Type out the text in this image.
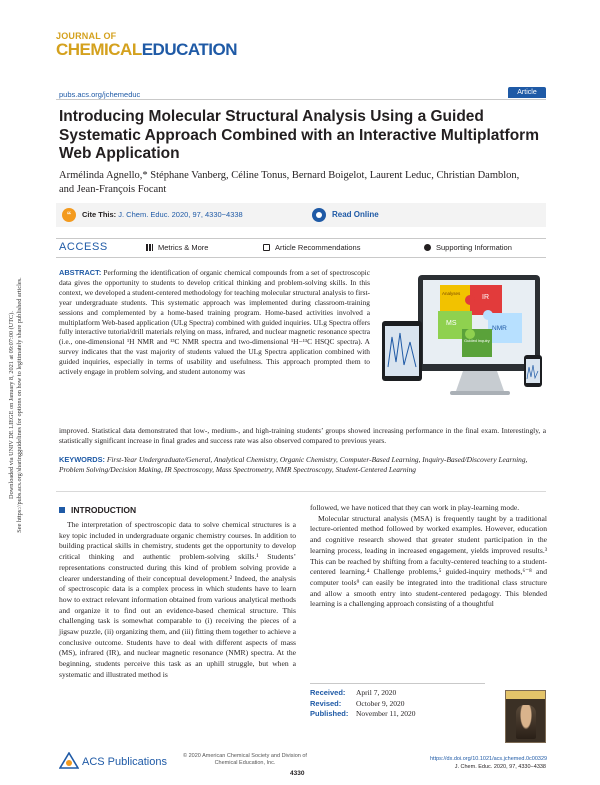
Downloaded via UNIV DE LIEGE on January 8, 2021 at 09:07:00 (UTC). See https://pubs.acs.org/sharingguidelines for options on how to legitimately share published articles.
JOURNAL OF
CHEMICALEDUCATION
pubs.acs.org/jchemeduc	Article
Introducing Molecular Structural Analysis Using a Guided Systematic Approach Combined with an Interactive Multiplatform Web Application
Armélinda Agnello,* Stéphane Vanberg, Céline Tonus, Bernard Boigelot, Laurent Leduc, Christian Damblon, and Jean-François Focant
“	Cite This: J. Chem. Educ. 2020, 97, 4330−4338	Read Online
ACCESS	Metrics & More	Article Recommendations	Supporting Information
ABSTRACT: Performing the identification of organic chemical compounds from a set of spectroscopic data gives the opportunity to students to develop critical thinking and problem-solving skills. In this context, we developed a student-centered methodology for teaching molecular structural analysis to first-year undergraduate students. This systematic approach was implemented during classroom-training sessions and complemented by a home-based training program. Home-based activities involved a multiplatform Web-based application (ULg Spectra) combined with guided inquiries. ULg Spectra offers fully interactive tutorial/drill materials relying on mass, infrared, and nuclear magnetic resonance spectra (i.e., one-dimensional ¹H NMR and ¹³C NMR spectra and two-dimensional ¹H−¹³C HSQC spectra). A survey indicates that the vast majority of students valued the ULg Spectra application combined with guided inquiries, especially in terms of usability and usefulness. This approach prompted them to actively engage in problem solving, and student autonomy was
improved. Statistical data demonstrated that low-, medium-, and high-training students’ groups showed increasing performance in the final exam. Interestingly, a statistically significant increase in final grades and success rate was also observed compared to previous years.
IR
MS
NMR
Guided inquiry
Analyses
KEYWORDS: First-Year Undergraduate/General, Analytical Chemistry, Organic Chemistry, Computer-Based Learning, Inquiry-Based/Discovery Learning, Problem Solving/Decision Making, IR Spectroscopy, Mass Spectrometry, NMR Spectroscopy, Student-Centered Learning
INTRODUCTION

The interpretation of spectroscopic data to solve chemical structures is a key topic included in undergraduate organic chemistry courses. In addition to building practical skills in chemistry, students get the opportunity to develop critical thinking and authentic problem-solving skills.¹ Students’ representations constructed during this kind of problem solving provide a clearer understanding of their conceptual development.² Indeed, the analysis of spectroscopic data is a complex process in which students have to learn how to extract relevant information obtained from various analytical methods and organize it to find out an evidence-based chemical structure. This challenging task is somewhat comparable to (i) receiving the pieces of a jigsaw puzzle, (ii) organizing them, and (iii) fitting them together to achieve a conclusive outcome. Students have to deal with different aspects of mass (MS), infrared (IR), and nuclear magnetic resonance (NMR) spectra. At the beginning, students perceive this task as an uphill struggle, but when a systematic and illustrated method is

followed, we have noticed that they can work in play-learning mode.

Molecular structural analysis (MSA) is frequently taught by a traditional lecture-oriented method followed by worked examples. However, education and cognitive research showed that greater student participation in the learning process, leading in increased engagement, yields improved results.³ This can be reached by shifting from a faculty-centered teaching to a student-centered learning.⁴ Challenge problems,⁵ guided-inquiry methods,⁶⁻⁸ and computer tools⁹ can easily be integrated into the traditional class structure and allow a smooth entry into student-centered pedagogy. This blended learning is a challenging approach consisting of a thoughtful

Received: April 7, 2020
Revised: October 9, 2020
Published: November 11, 2020
ACS Publications	© 2020 American Chemical Society and Division of Chemical Education, Inc.
4330
https://dx.doi.org/10.1021/acs.jchemed.0c00329
J. Chem. Educ. 2020, 97, 4330−4338
